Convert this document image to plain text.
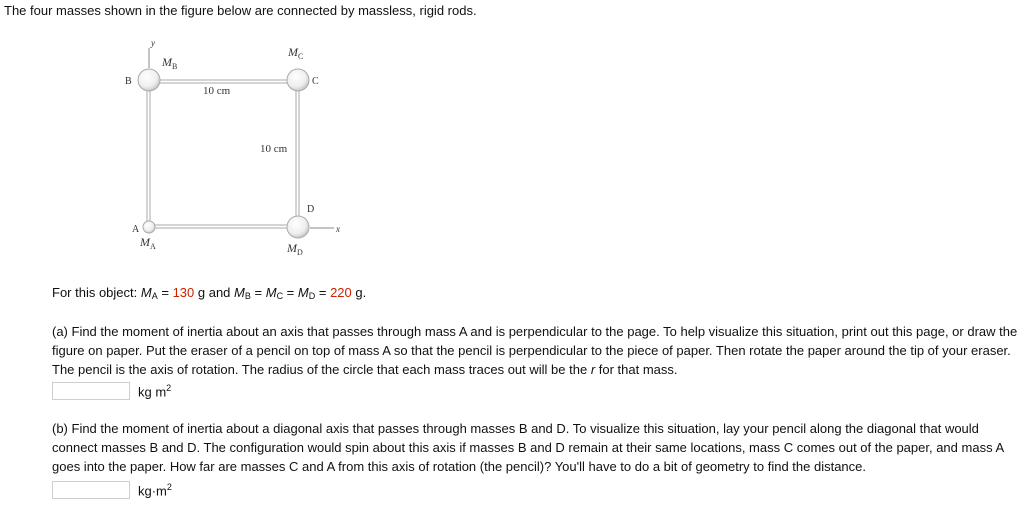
The four masses shown in the figure below are connected by massless, rigid rods.
y
x
B	C
D
A
$M_B$
$M_C$
$M_A$	$M_D$
10 cm
10 cm
For this object: $M_A = 130$ g and $M_B = M_C = M_D = 220$ g.
(a) Find the moment of inertia about an axis that passes through mass A and is perpendicular to the page. To help visualize this situation, print out this page, or draw the figure on paper. Put the eraser of a pencil on top of mass A so that the pencil is perpendicular to the piece of paper. Then rotate the paper around the tip of your eraser. The pencil is the axis of rotation. The radius of the circle that each mass traces out will be the r for that mass.
kg $m^2$
(b) Find the moment of inertia about a diagonal axis that passes through masses B and D. To visualize this situation, lay your pencil along the diagonal that would connect masses B and D. The configuration would spin about this axis if masses B and D remain at their same locations, mass C comes out of the paper, and mass A goes into the paper. How far are masses C and A from this axis of rotation (the pencil)? You'll have to do a bit of geometry to find the distance.
$kg\cdot m^2$
